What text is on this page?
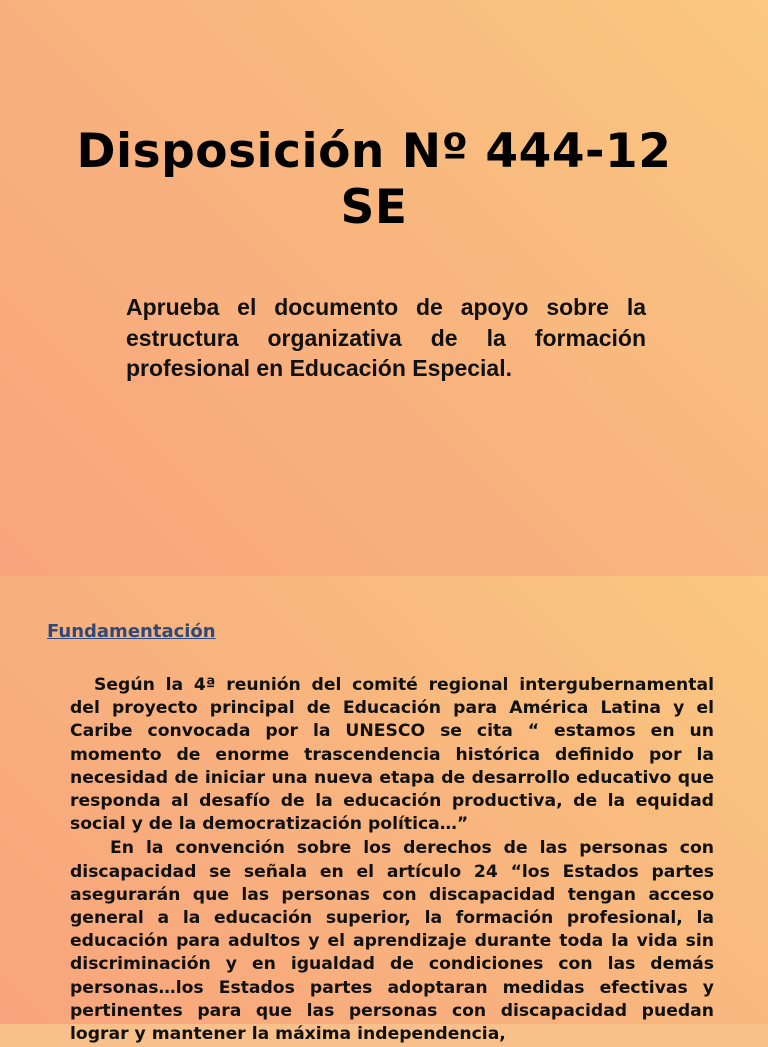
Disposición Nº 444-12
SE

Aprueba el documento de apoyo sobre la estructura organizativa de la formación profesional en Educación Especial.

Fundamentación

Según la 4ª reunión del comité regional intergubernamental del proyecto principal de Educación para América Latina y el Caribe convocada por la UNESCO se cita “ estamos en un momento de enorme trascendencia histórica definido por la necesidad de iniciar una nueva etapa de desarrollo educativo que responda al desafío de la educación productiva, de la equidad social y de la democratización política…”

En la convención sobre los derechos de las personas con discapacidad se señala en el artículo 24 “los Estados partes asegurarán que las personas con discapacidad tengan acceso general a la educación superior, la formación profesional, la educación para adultos y el aprendizaje durante toda la vida sin discriminación y en igualdad de condiciones con las demás personas…los Estados partes adoptaran medidas efectivas y pertinentes para que las personas con discapacidad puedan lograr y mantener la máxima independencia,
